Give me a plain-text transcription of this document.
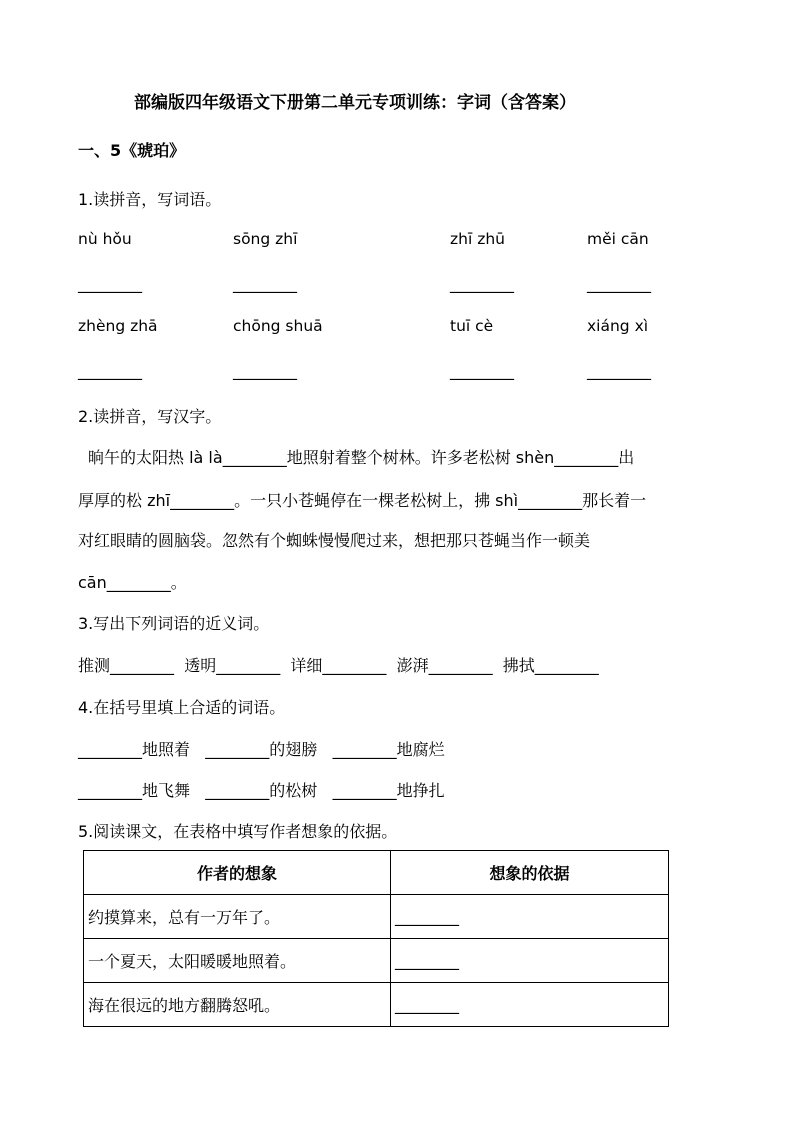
部编版四年级语文下册第二单元专项训练：字词（含答案）
一、5《琥珀》
1.读拼音，写词语。
nù hǒu	sōng zhī	zhī zhū	měi cān
________	________	________	________
zhèng zhā	chōng shuā	tuī cè	xiáng xì
________	________	________	________
2.读拼音，写汉字。
晌午的太阳热 là là________地照射着整个树林。许多老松树 shèn________出
厚厚的松 zhī________。一只小苍蝇停在一棵老松树上，拂 shì________那长着一
对红眼睛的圆脑袋。忽然有个蜘蛛慢慢爬过来，想把那只苍蝇当作一顿美
cān________。
3.写出下列词语的近义词。
推测________ 透明________ 详细________ 澎湃________ 拂拭________
4.在括号里填上合适的词语。
________地照着 ________的翅膀 ________地腐烂
________地飞舞 ________的松树 ________地挣扎
5.阅读课文，在表格中填写作者想象的依据。
作者的想象	想象的依据
约摸算来，总有一万年了。	________
一个夏天，太阳暖暖地照着。	________
海在很远的地方翻腾怒吼。	________
